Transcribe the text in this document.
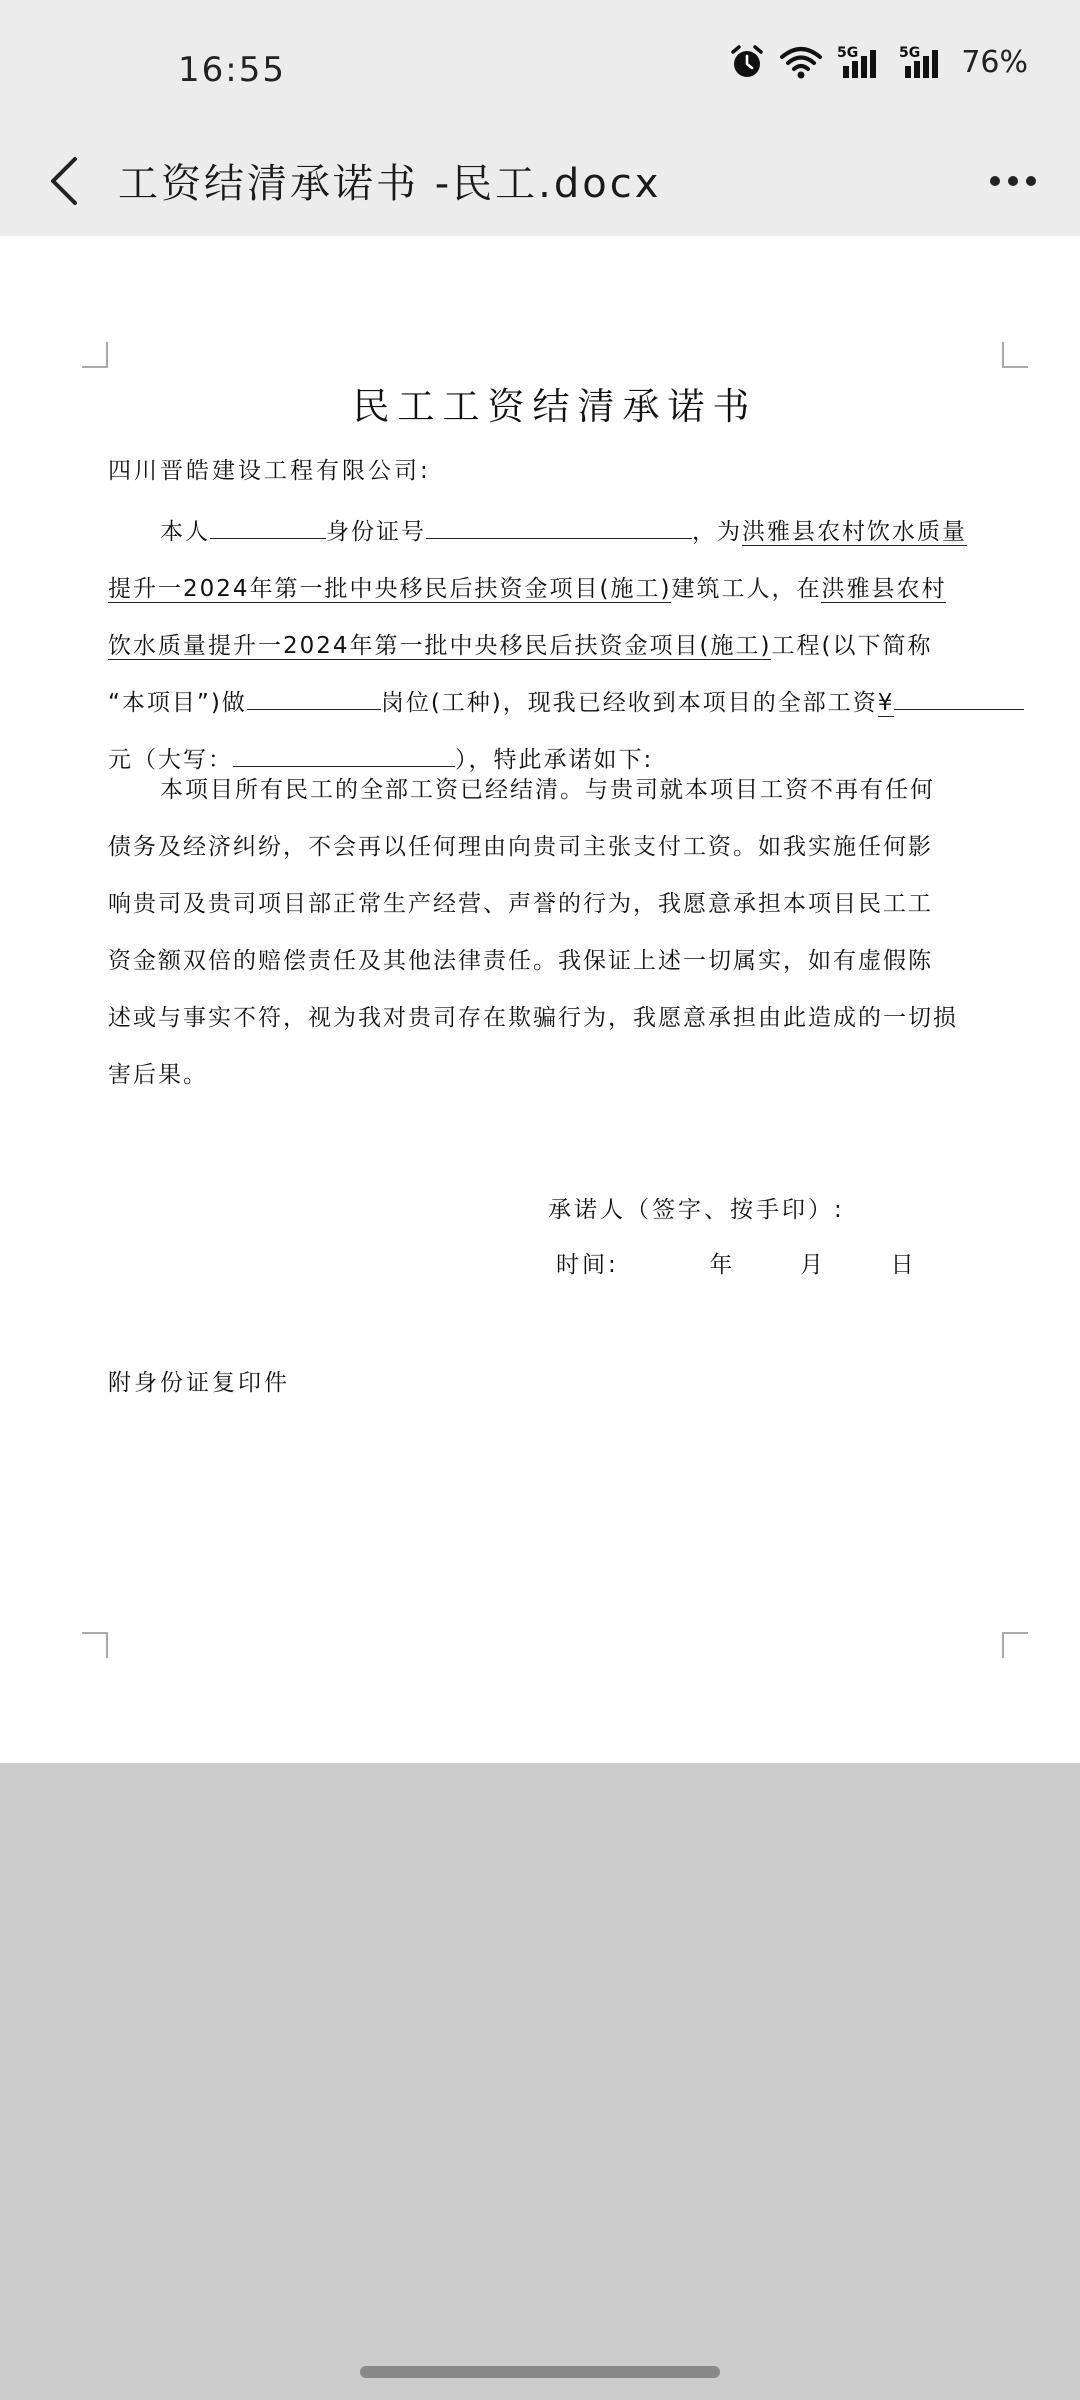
16:55	5G	5G 76%
工资结清承诺书 -民工.docx
民工工资结清承诺书
四川晋皓建设工程有限公司:
本人	身份证号	，为洪雅县农村饮水质量
提升一2024年第一批中央移民后扶资金项目(施工)建筑工人，在洪雅县农村
饮水质量提升一2024年第一批中央移民后扶资金项目(施工)工程(以下简称
“本项目”)做	岗位(工种)，现我已经收到本项目的全部工资¥
元（大写：	），特此承诺如下:
本项目所有民工的全部工资已经结清。与贵司就本项目工资不再有任何
债务及经济纠纷，不会再以任何理由向贵司主张支付工资。如我实施任何影
响贵司及贵司项目部正常生产经营、声誉的行为，我愿意承担本项目民工工
资金额双倍的赔偿责任及其他法律责任。我保证上述一切属实，如有虚假陈
述或与事实不符，视为我对贵司存在欺骗行为，我愿意承担由此造成的一切损
害后果。
承诺人（签字、按手印）:
时间:	年	月	日
附身份证复印件
